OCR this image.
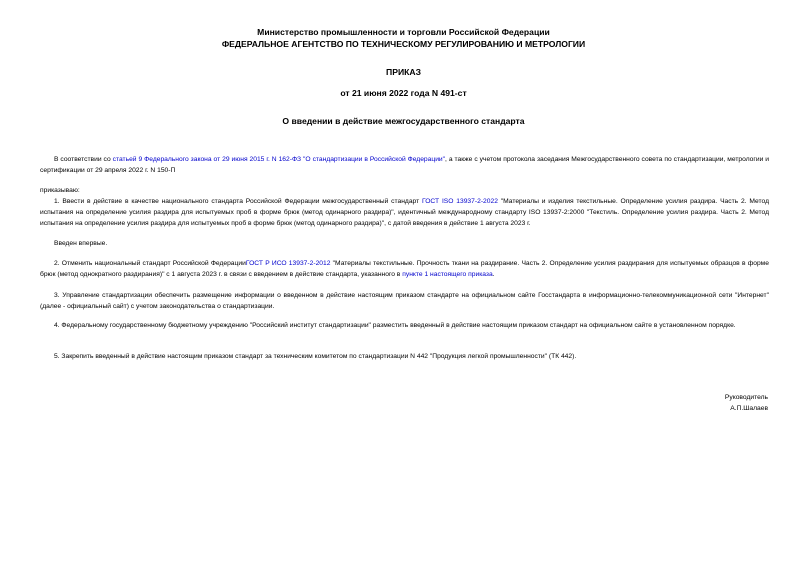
Министерство промышленности и торговли Российской Федерации
ФЕДЕРАЛЬНОЕ АГЕНТСТВО ПО ТЕХНИЧЕСКОМУ РЕГУЛИРОВАНИЮ И МЕТРОЛОГИИ
ПРИКАЗ
от 21 июня 2022 года N 491-ст
О введении в действие межгосударственного стандарта

В соответствии со статьей 9 Федерального закона от 29 июня 2015 г. N 162-ФЗ "О стандартизации в Российской Федерации", а также с учетом протокола заседания Межгосударственного совета по стандартизации, метрологии и сертификации от 29 апреля 2022 г. N 150-П

приказываю:

1. Ввести в действие в качестве национального стандарта Российской Федерации межгосударственный стандарт ГОСТ ISO 13937-2-2022 "Материалы и изделия текстильные. Определение усилия раздира. Часть 2. Метод испытания на определение усилия раздира для испытуемых проб в форме брюк (метод одинарного раздира)", идентичный международному стандарту ISO 13937-2:2000 "Текстиль. Определение усилия раздира. Часть 2. Метод испытания на определение усилия раздира для испытуемых проб в форме брюк (метод одинарного раздира)", с датой введения в действие 1 августа 2023 г.

Введен впервые.

2. Отменить национальный стандарт Российской ФедерацииГОСТ Р ИСО 13937-2-2012 "Материалы текстильные. Прочность ткани на раздирание. Часть 2. Определение усилия раздирания для испытуемых образцов в форме брюк (метод однократного раздирания)" с 1 августа 2023 г. в связи с введением в действие стандарта, указанного в пункте 1 настоящего приказа.

3. Управление стандартизации обеспечить размещение информации о введенном в действие настоящим приказом стандарте на официальном сайте Госстандарта в информационно-телекоммуникационной сети "Интернет" (далее - официальный сайт) с учетом законодательства о стандартизации.

4. Федеральному государственному бюджетному учреждению "Российский институт стандартизации" разместить введенный в действие настоящим приказом стандарт на официальном сайте в установленном порядке.

5. Закрепить введенный в действие настоящим приказом стандарт за техническим комитетом по стандартизации N 442 "Продукция легкой промышленности" (ТК 442).

Руководитель
А.П.Шалаев
